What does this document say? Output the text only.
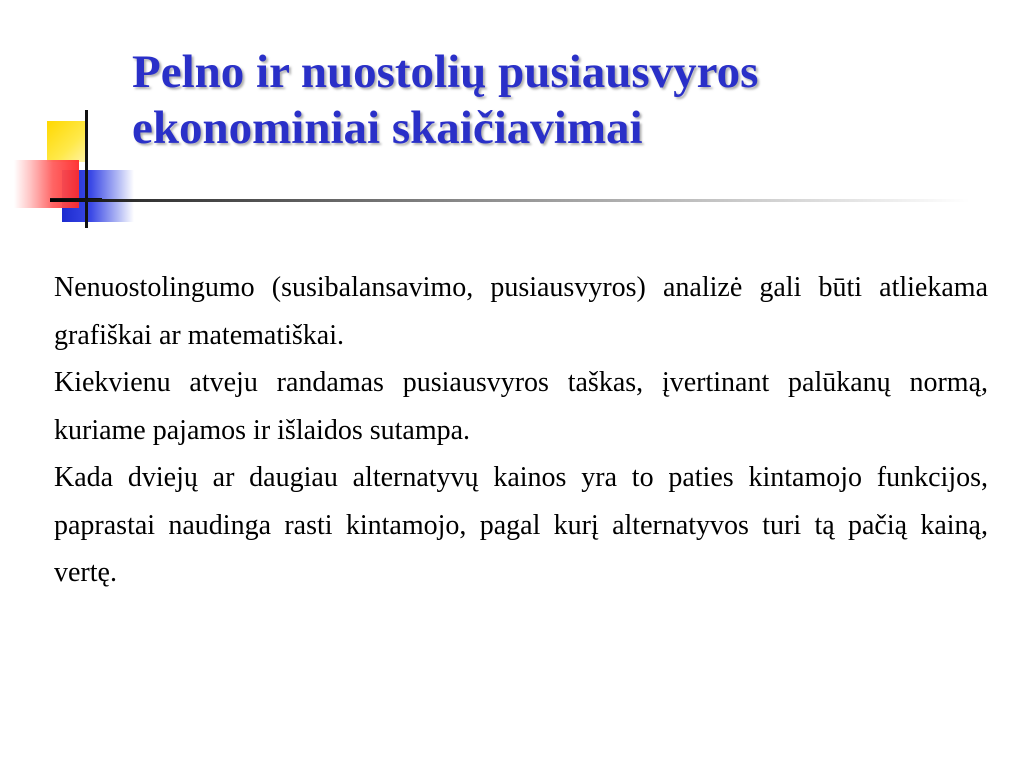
Pelno ir nuostolių pusiausvyros
ekonominiai skaičiavimai

Nenuostolingumo (susibalansavimo, pusiausvyros) analizė gali būti atliekama grafiškai ar matematiškai.

Kiekvienu atveju randamas pusiausvyros taškas, įvertinant palūkanų normą, kuriame pajamos ir išlaidos sutampa.

Kada dviejų ar daugiau alternatyvų kainos yra to paties kintamojo funkcijos, paprastai naudinga rasti kintamojo, pagal kurį alternatyvos turi tą pačią kainą, vertę.
